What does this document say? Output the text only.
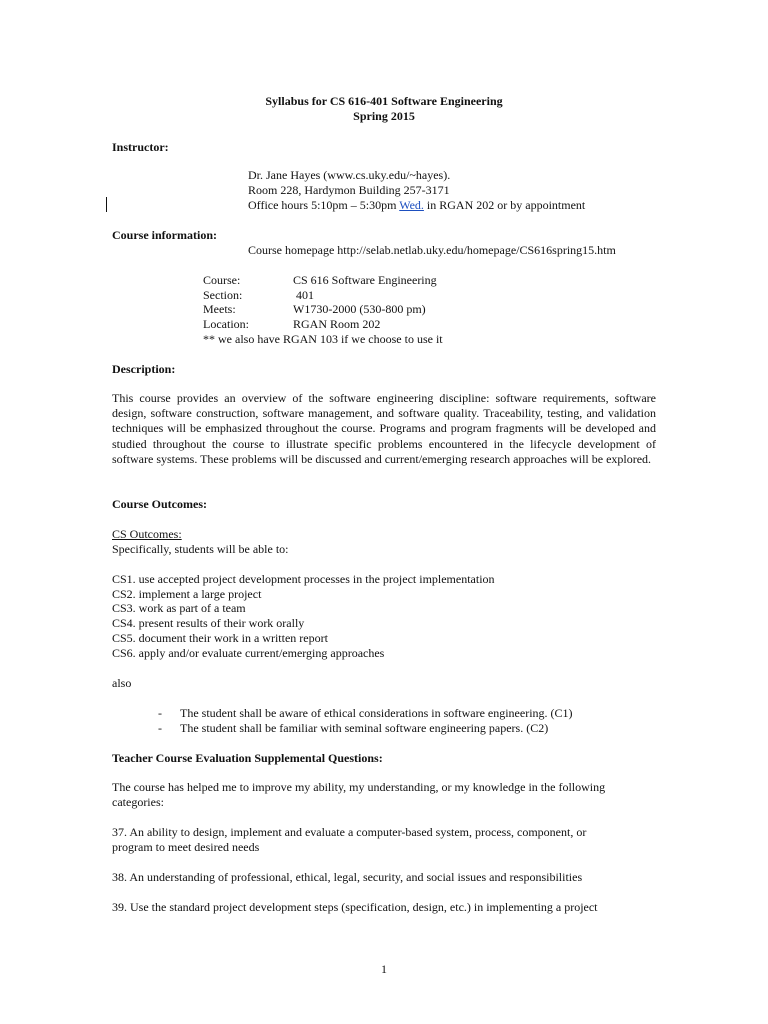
Syllabus for CS 616-401 Software Engineering
Spring 2015
Instructor:
Dr. Jane Hayes (www.cs.uky.edu/~hayes).
Room 228, Hardymon Building 257-3171
Office hours 5:10pm – 5:30pm Wed. in RGAN 202 or by appointment
Course information:
Course homepage http://selab.netlab.uky.edu/homepage/CS616spring15.htm
Course:	CS 616 Software Engineering
Section:	401
Meets:	W1730-2000 (530-800 pm)
Location:	RGAN Room 202
** we also have RGAN 103 if we choose to use it
Description:
This course provides an overview of the software engineering discipline: software requirements, software design, software construction, software management, and software quality. Traceability, testing, and validation techniques will be emphasized throughout the course. Programs and program fragments will be developed and studied throughout the course to illustrate specific problems encountered in the lifecycle development of software systems. These problems will be discussed and current/emerging research approaches will be explored.
Course Outcomes:
CS Outcomes:
Specifically, students will be able to:
CS1. use accepted project development processes in the project implementation
CS2. implement a large project
CS3. work as part of a team
CS4. present results of their work orally
CS5. document their work in a written report
CS6. apply and/or evaluate current/emerging approaches
also
-	The student shall be aware of ethical considerations in software engineering. (C1)
-	The student shall be familiar with seminal software engineering papers. (C2)
Teacher Course Evaluation Supplemental Questions:
The course has helped me to improve my ability, my understanding, or my knowledge in the following categories:
37. An ability to design, implement and evaluate a computer-based system, process, component, or program to meet desired needs
38. An understanding of professional, ethical, legal, security, and social issues and responsibilities
39. Use the standard project development steps (specification, design, etc.) in implementing a project
1
